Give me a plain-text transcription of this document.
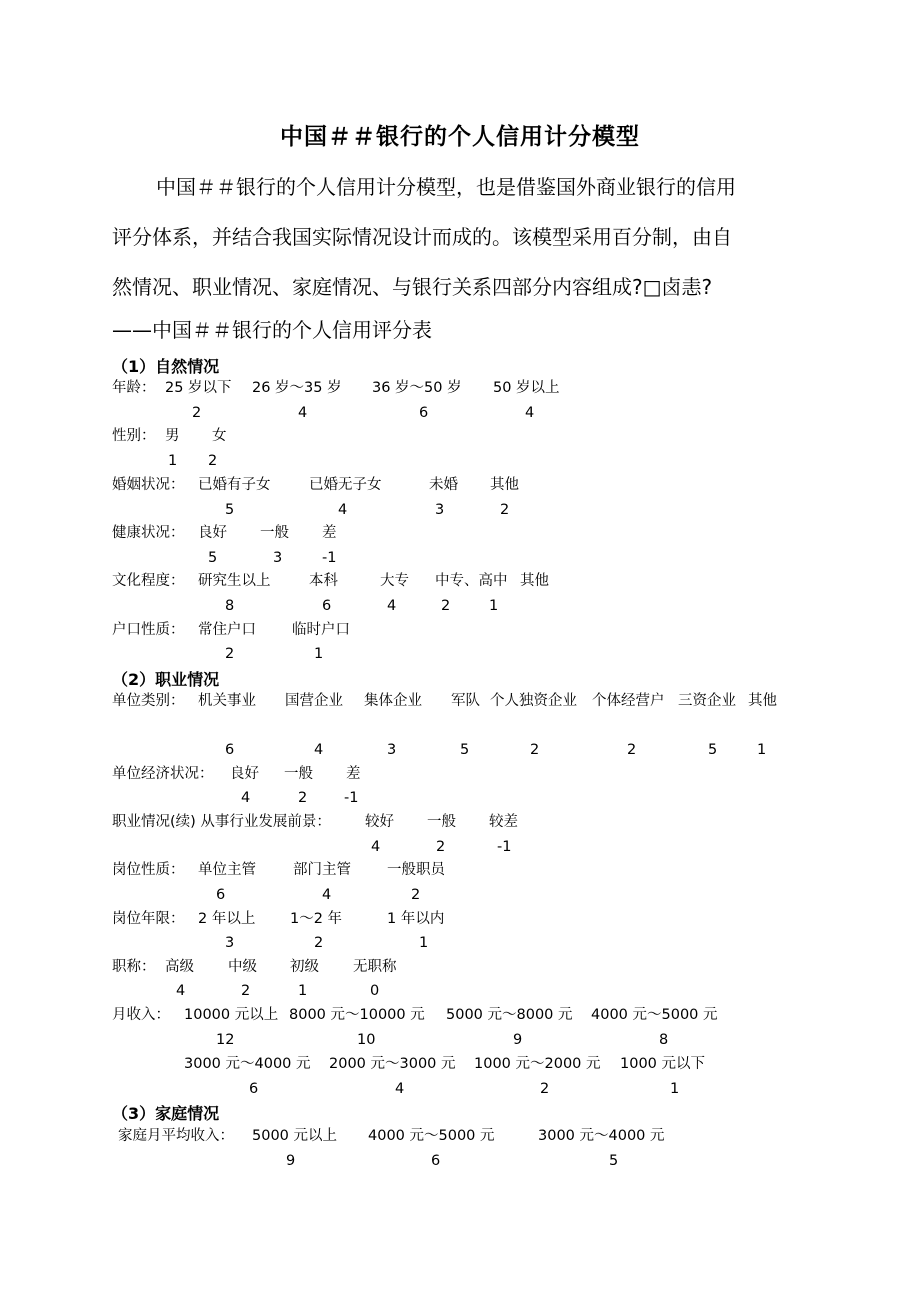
中国＃＃银行的个人信用计分模型

中国＃＃银行的个人信用计分模型，也是借鉴国外商业银行的信用

评分体系，并结合我国实际情况设计而成的。该模型采用百分制，由自

然情况、职业情况、家庭情况、与银行关系四部分内容组成?□卤恚?

——中国＃＃银行的个人信用评分表
（1）自然情况
年龄： 25 岁以下 26 岁～35 岁 36 岁～50 岁 50 岁以上
2	4	6	4
性别： 男 女
1 2
婚姻状况： 已婚有子女	已婚无子女	未婚 其他
5	4	3	2
健康状况： 良好 一般 差
5	3	-1
文化程度： 研究生以上	本科	大专 中专、高中 其他
8	6	4	2	1
户口性质： 常住户口 临时户口
2	1
（2）职业情况
单位类别： 机关事业 国营企业 集体企业 军队 个人独资企业 个体经营户 三资企业 其他
6	4	3	5	2	2	5	1
单位经济状况： 良好 一般 差
4	2	-1
职业情况(续) 从事行业发展前景： 较好 一般 较差
4	2	-1
岗位性质： 单位主管	部门主管 一般职员
6	4	2
岗位年限： 2 年以上 1～2 年	1 年以内
3	2	1
职称： 高级 中级 初级 无职称
4	2	1	0
月收入： 10000 元以上 8000 元～10000 元 5000 元～8000 元 4000 元～5000 元
12	10	9	8
3000 元～4000 元 2000 元～3000 元 1000 元～2000 元 1000 元以下
6	4	2	1
（3）家庭情况
家庭月平均收入： 5000 元以上 4000 元～5000 元	3000 元～4000 元
9	6	5
